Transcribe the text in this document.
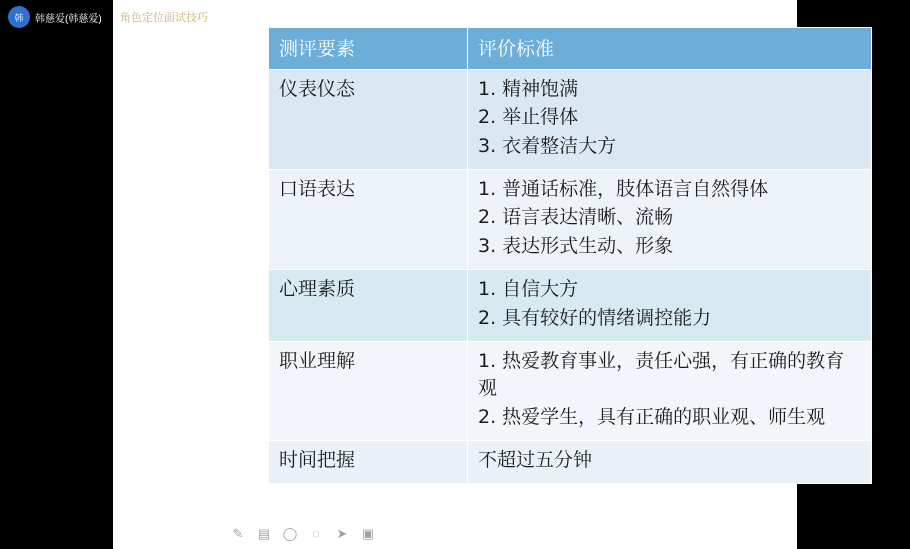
测评要素	评价标准
仪表仪态	1. 精神饱满
2. 举止得体
3. 衣着整洁大方

口语表达	1. 普通话标准，肢体语言自然得体
2. 语言表达清晰、流畅
3. 表达形式生动、形象

心理素质	1. 自信大方
2. 具有较好的情绪调控能力

职业理解	1. 热爱教育事业，责任心强，有正确的教育观
2. 热爱学生，具有正确的职业观、师生观

时间把握	不超过五分钟
✎ ▤ ◯	◌	➤ ▣
角色定位面试技巧
韩	韩慈爱(韩慈爱)
